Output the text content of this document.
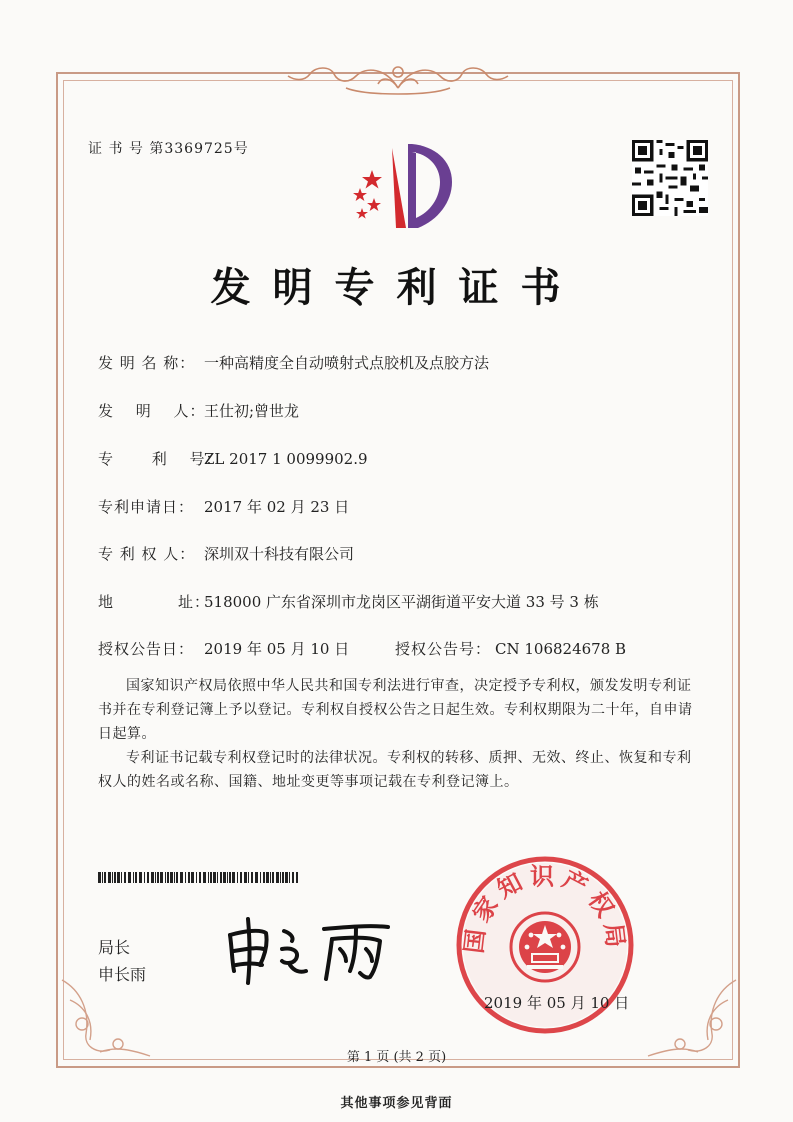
证 书 号 第3369725号
发明专利证书
发 明 名 称： 一种高精度全自动喷射式点胶机及点胶方法
发　 明　 人：王仕初;曾世龙
专　　 利 　号：ZL 2017 1 0099902.9
专利申请日： 2017 年 02 月 23 日
专 利 权 人： 深圳双十科技有限公司
地　　　　址：518000 广东省深圳市龙岗区平湖街道平安大道 33 号 3 栋
授权公告日： 2019 年 05 月 10 日	授权公告号： CN 106824678 B
国家知识产权局依照中华人民共和国专利法进行审查，决定授予专利权，颁发发明专利证书并在专利登记簿上予以登记。专利权自授权公告之日起生效。专利权期限为二十年，自申请日起算。
专利证书记载专利权登记时的法律状况。专利权的转移、质押、无效、终止、恢复和专利权人的姓名或名称、国籍、地址变更等事项记载在专利登记簿上。
局长
申长雨
国家知识产权局
2019 年 05 月 10 日
第 1 页 (共 2 页)
其他事项参见背面
